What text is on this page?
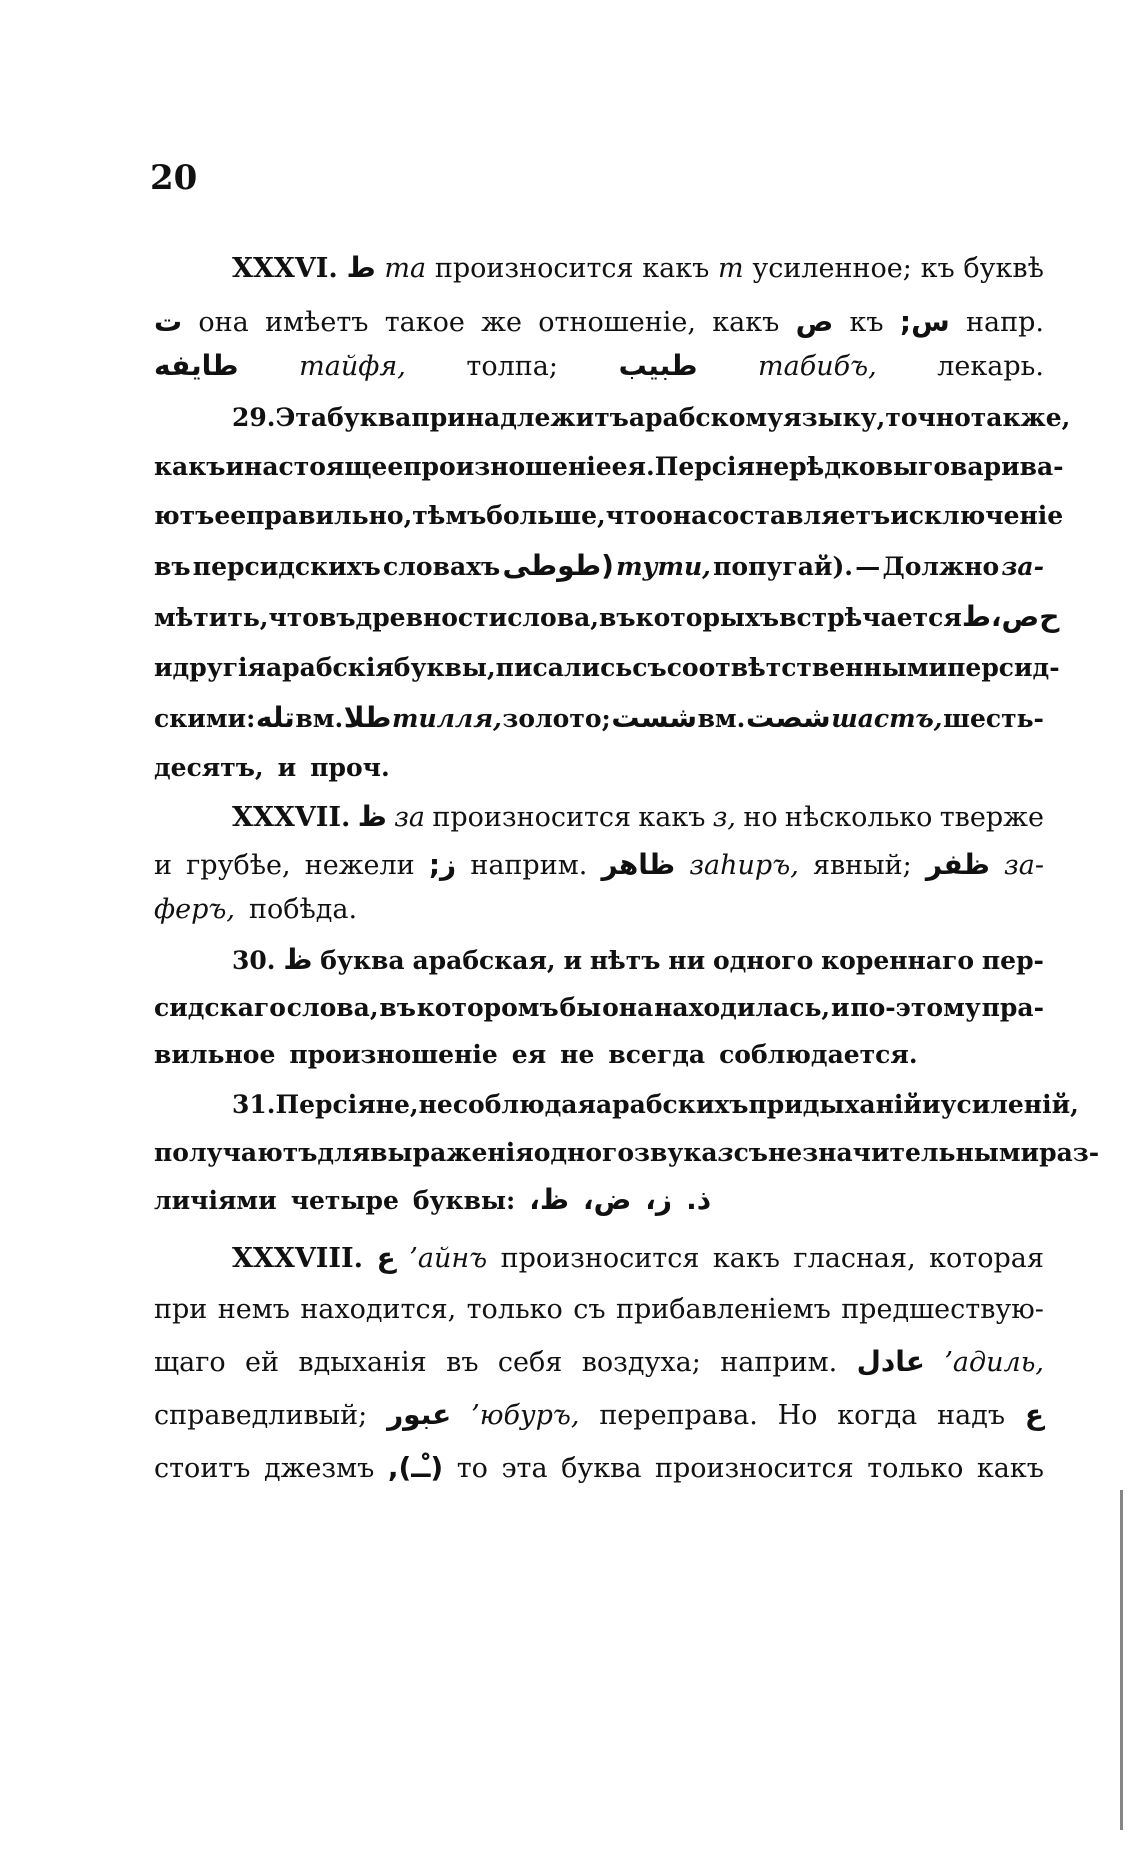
20
XXXVI. ط та произносится какъ т усиленное; къ буквѣ
ت она имѣетъ такое же отношеніе, какъ ص къ س; напр.
طايفه тайфя, толпа; طبيب табибъ, лекарь.
29. Эта буква принадлежитъ арабскому языку, точно также,
какъ и настоящее произношеніе ея. Персіяне рѣдко выговарива-
ютъ ее правильно, тѣмъ больше, что она составляетъ исключеніе
въ персидскихъ словахъ (طوطى тути, попугай). — Должно за-
мѣтить, что въ древности слова, въ которыхъ встрѣчается ط ص، ح
и другія арабскія буквы, писались съ соотвѣтственными персид-
скими: تله вм. طلا тилля, золото; شست вм. شصت шастъ, шесть-
десятъ, и проч.
XXXVII. ظ за произносится какъ з, но нѣсколько тверже
и грубѣе, нежели ز; наприм. ظاهر заhиръ, явный; ظفر за-
феръ, побѣда.
30. ظ буква арабская, и нѣтъ ни одного кореннаго пер-
сидскаго слова, въ которомъ бы она находилась, и по-этому пра-
вильное произношеніе ея не всегда соблюдается.
31. Персіяне, не соблюдая арабскихъ придыханій и усиленій,
получаютъ для выраженія одного звука з съ незначительными раз-
личіями четыре буквы: ظ، ض، ز، ذ.
XXXVIII. ع ’айнъ произносится какъ гласная, которая
при немъ находится, только съ прибавленіемъ предшествую-
щаго ей вдыханія въ себя воздуха; наприм. عادل ’адиль,
справедливый; عبور ’юбуръ, переправа. Но когда надъ ع
стоитъ джезмъ (ـْـ), то эта буква произносится только какъ
